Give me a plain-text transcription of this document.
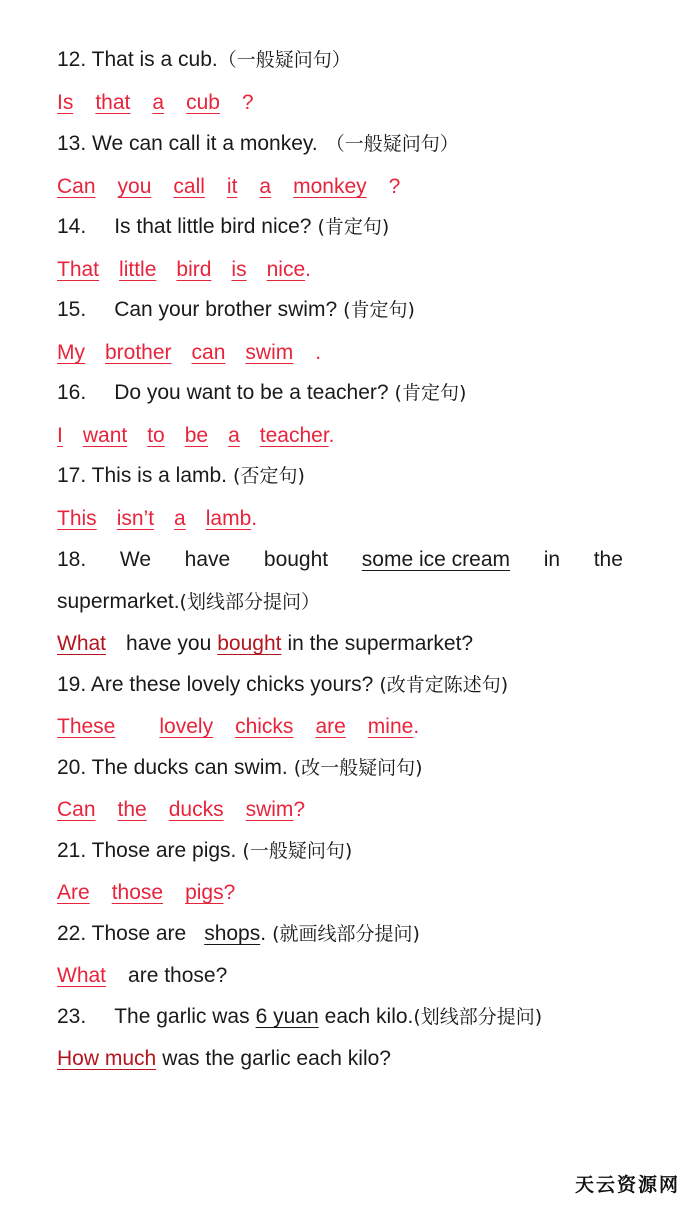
12. That is a cub.（一般疑问句）
Is that a cub ?
13. We can call it a monkey. （一般疑问句）
Can you call it a monkey ?
14. Is that little bird nice? (肯定句)
That little bird is nice.
15. Can your brother swim? (肯定句)
My brother can swim .
16. Do you want to be a teacher? (肯定句)
I want to be a teacher.
17. This is a lamb. (否定句)
This isn’t a lamb.
18. We have bought some ice cream in the
supermarket.(划线部分提问）
What have you bought in the supermarket?
19. Are these lovely chicks yours? (改肯定陈述句)
These lovely chicks are mine.
20. The ducks can swim. (改一般疑问句)
Can the ducks swim?
21. Those are pigs. (一般疑问句)
Are those pigs?
22. Those are shops. (就画线部分提问)
What are those?
23. The garlic was 6 yuan each kilo.(划线部分提问)
How much was the garlic each kilo?
天云资源网
